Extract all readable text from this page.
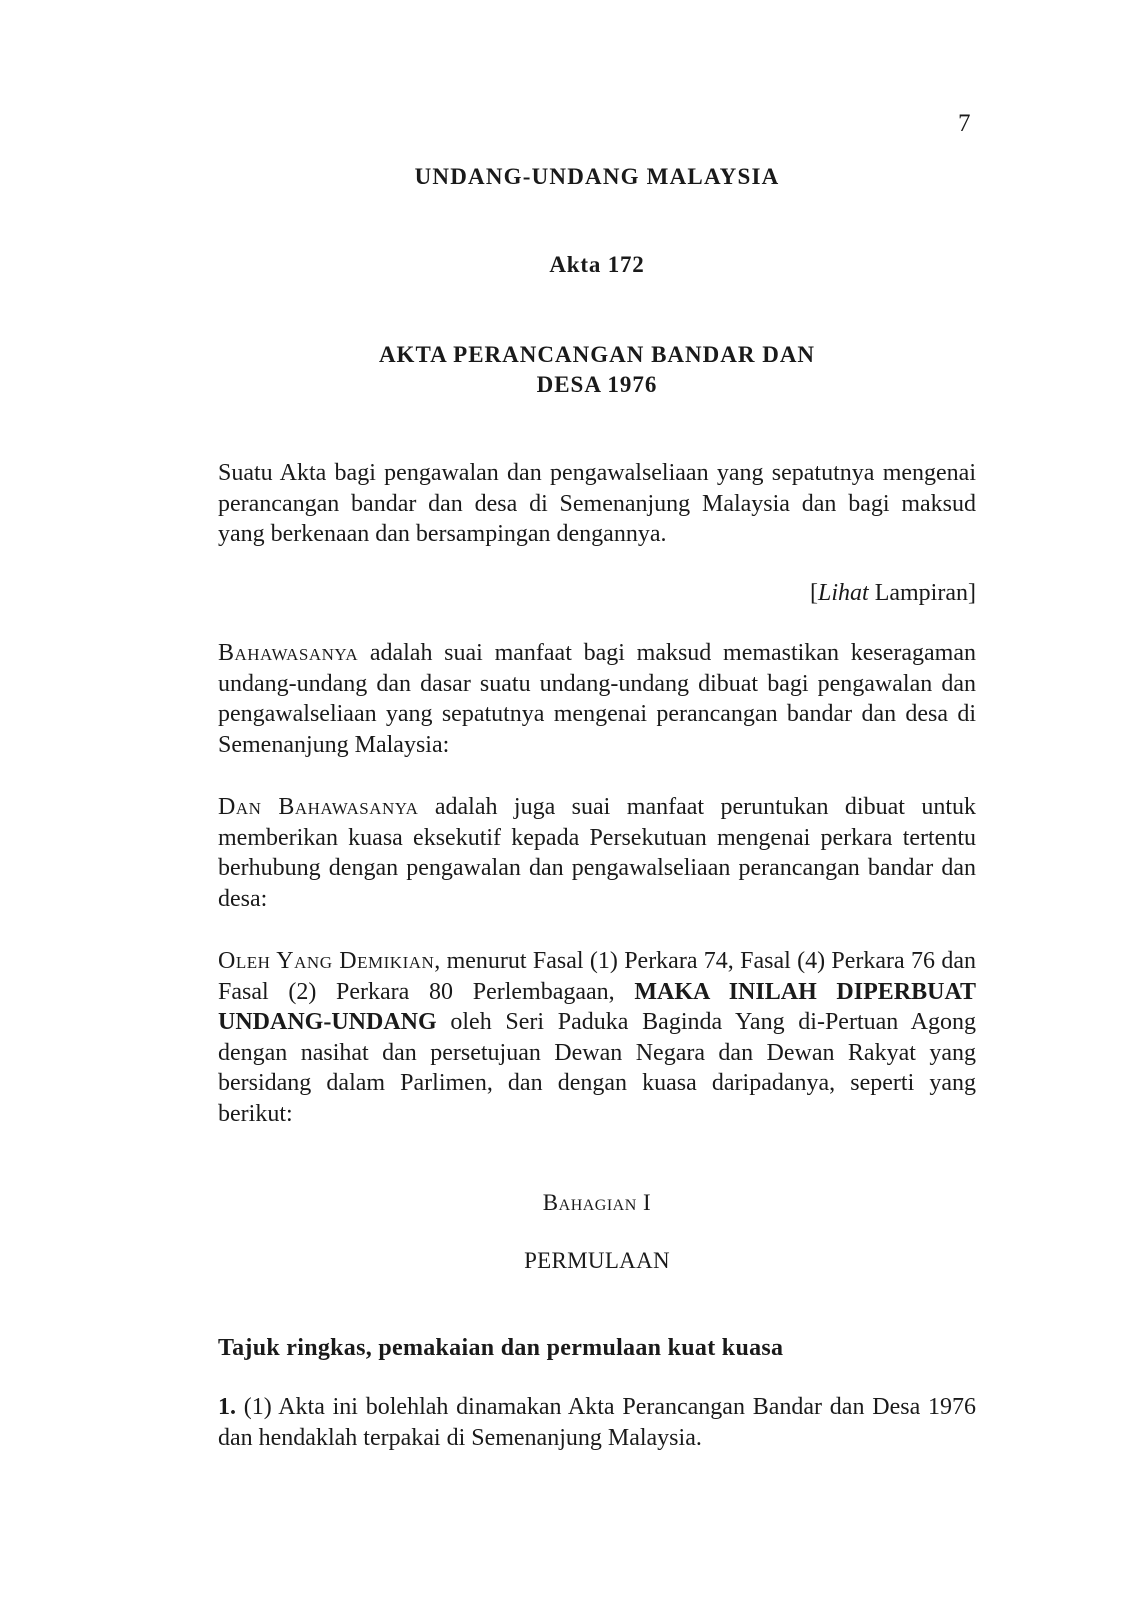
7
UNDANG-UNDANG MALAYSIA
Akta 172
AKTA PERANCANGAN BANDAR DAN
DESA 1976

Suatu Akta bagi pengawalan dan pengawalseliaan yang sepatutnya mengenai perancangan bandar dan desa di Semenanjung Malaysia dan bagi maksud yang berkenaan dan bersampingan dengannya.

[Lihat Lampiran]

Bahawasanya adalah suai manfaat bagi maksud memastikan keseragaman undang-undang dan dasar suatu undang-undang dibuat bagi pengawalan dan pengawalseliaan yang sepatutnya mengenai perancangan bandar dan desa di Semenanjung Malaysia:

Dan Bahawasanya adalah juga suai manfaat peruntukan dibuat untuk memberikan kuasa eksekutif kepada Persekutuan mengenai perkara tertentu berhubung dengan pengawalan dan pengawalseliaan perancangan bandar dan desa:

Oleh Yang Demikian, menurut Fasal (1) Perkara 74, Fasal (4) Perkara 76 dan Fasal (2) Perkara 80 Perlembagaan, MAKA INILAH DIPERBUAT UNDANG-UNDANG oleh Seri Paduka Baginda Yang di-Pertuan Agong dengan nasihat dan persetujuan Dewan Negara dan Dewan Rakyat yang bersidang dalam Parlimen, dan dengan kuasa daripadanya, seperti yang berikut:

Bahagian I
PERMULAAN
Tajuk ringkas, pemakaian dan permulaan kuat kuasa

1. (1) Akta ini bolehlah dinamakan Akta Perancangan Bandar dan Desa 1976 dan hendaklah terpakai di Semenanjung Malaysia.
